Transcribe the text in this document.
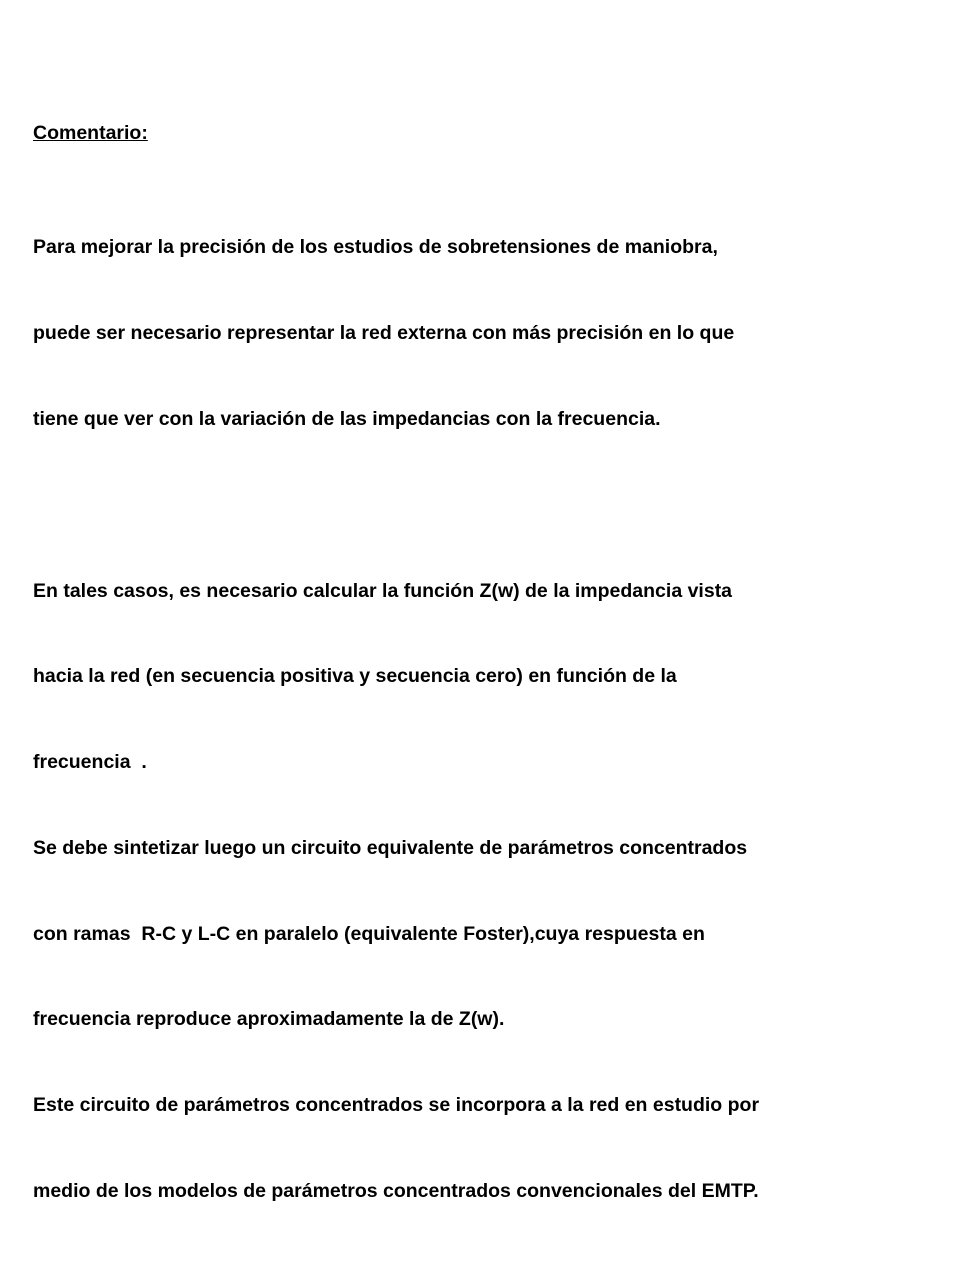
Comentario:

Para mejorar la precisión de los estudios de sobretensiones de maniobra,

puede ser necesario representar la red externa con más precisión en lo que

tiene que ver con la variación de las impedancias con la frecuencia.

En tales casos, es necesario calcular la función Z(w) de la impedancia vista

hacia la red (en secuencia positiva y secuencia cero) en función de la

frecuencia  .

Se debe sintetizar luego un circuito equivalente de parámetros concentrados

con ramas  R-C y L-C en paralelo (equivalente Foster),cuya respuesta en

frecuencia reproduce aproximadamente la de Z(w).

Este circuito de parámetros concentrados se incorpora a la red en estudio por

medio de los modelos de parámetros concentrados convencionales del EMTP.
